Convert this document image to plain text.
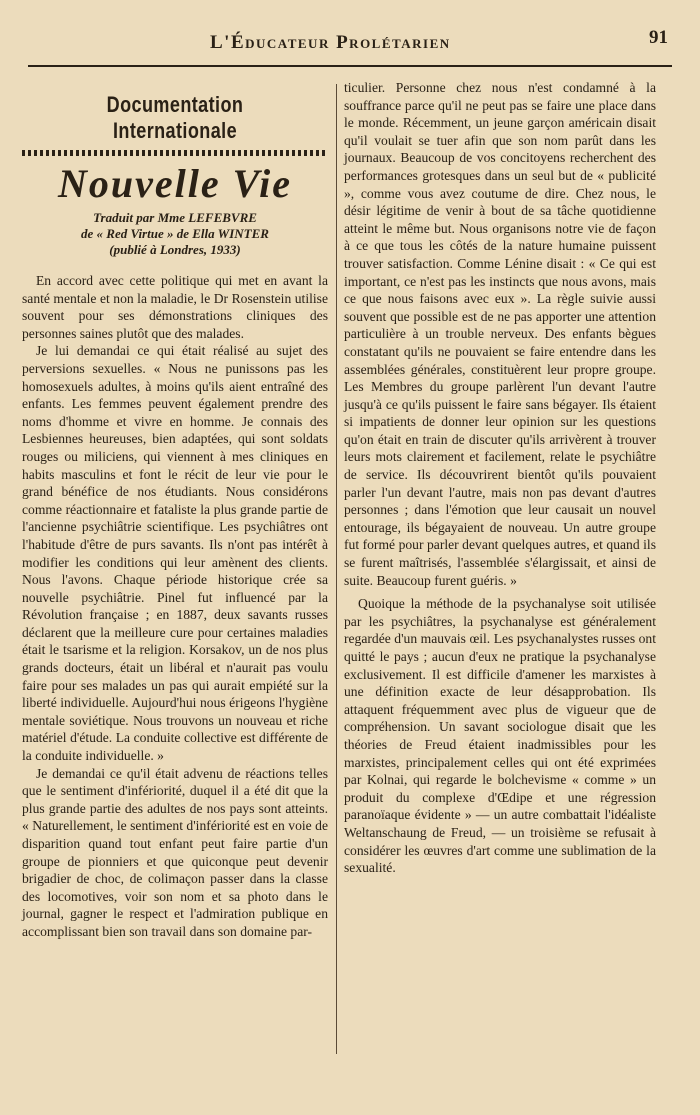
L'Éducateur Prolétarien	91
Documentation Internationale
Nouvelle Vie
Traduit par Mme LEFEBVRE
de « Red Virtue » de Ella WINTER
(publié à Londres, 1933)

En accord avec cette politique qui met en avant la santé mentale et non la maladie, le Dr Rosenstein utilise souvent pour ses démonstrations cliniques des personnes saines plutôt que des malades.

Je lui demandai ce qui était réalisé au sujet des perversions sexuelles. « Nous ne punissons pas les homosexuels adultes, à moins qu'ils aient entraîné des enfants. Les femmes peuvent également prendre des noms d'homme et vivre en homme. Je connais des Lesbiennes heureuses, bien adaptées, qui sont soldats rouges ou miliciens, qui viennent à mes cliniques en habits masculins et font le récit de leur vie pour le grand bénéfice de nos étudiants. Nous considérons comme réactionnaire et fataliste la plus grande partie de l'ancienne psychiâtrie scientifique. Les psychiâtres ont l'habitude d'être de purs savants. Ils n'ont pas intérêt à modifier les conditions qui leur amènent des clients. Nous l'avons. Chaque période historique crée sa nouvelle psychiâtrie. Pinel fut influencé par la Révolution française ; en 1887, deux savants russes déclarent que la meilleure cure pour certaines maladies était le tsarisme et la religion. Korsakov, un de nos plus grands docteurs, était un libéral et n'aurait pas voulu faire pour ses malades un pas qui aurait empiété sur la liberté individuelle. Aujourd'hui nous érigeons l'hygiène mentale soviétique. Nous trouvons un nouveau et riche matériel d'étude. La conduite collective est différente de la conduite individuelle. »

Je demandai ce qu'il était advenu de réactions telles que le sentiment d'infériorité, duquel il a été dit que la plus grande partie des adultes de nos pays sont atteints. « Naturellement, le sentiment d'infériorité est en voie de disparition quand tout enfant peut faire partie d'un groupe de pionniers et que quiconque peut devenir brigadier de choc, de colimaçon passer dans la classe des locomotives, voir son nom et sa photo dans le journal, gagner le respect et l'admiration publique en accomplissant bien son travail dans son domaine par-

ticulier. Personne chez nous n'est condamné à la souffrance parce qu'il ne peut pas se faire une place dans le monde. Récemment, un jeune garçon américain disait qu'il voulait se tuer afin que son nom parût dans les journaux. Beaucoup de vos concitoyens recherchent des performances grotesques dans un seul but de « publicité », comme vous avez coutume de dire. Chez nous, le désir légitime de venir à bout de sa tâche quotidienne atteint le même but. Nous organisons notre vie de façon à ce que tous les côtés de la nature humaine puissent trouver satisfaction. Comme Lénine disait : « Ce qui est important, ce n'est pas les instincts que nous avons, mais ce que nous faisons avec eux ». La règle suivie aussi souvent que possible est de ne pas apporter une attention particulière à un trouble nerveux. Des enfants bègues constatant qu'ils ne pouvaient se faire entendre dans les assemblées générales, constituèrent leur propre groupe. Les Membres du groupe parlèrent l'un devant l'autre jusqu'à ce qu'ils puissent le faire sans bégayer. Ils étaient si impatients de donner leur opinion sur les questions qu'on était en train de discuter qu'ils arrivèrent à trouver leurs mots clairement et facilement, relate le psychiâtre de service. Ils découvrirent bientôt qu'ils pouvaient parler l'un devant l'autre, mais non pas devant d'autres personnes ; dans l'émotion que leur causait un nouvel entourage, ils bégayaient de nouveau. Un autre groupe fut formé pour parler devant quelques autres, et quand ils se furent maîtrisés, l'assemblée s'élargissait, et ainsi de suite. Beaucoup furent guéris. »

Quoique la méthode de la psychanalyse soit utilisée par les psychiâtres, la psychanalyse est généralement regardée d'un mauvais œil. Les psychanalystes russes ont quitté le pays ; aucun d'eux ne pratique la psychanalyse exclusivement. Il est difficile d'amener les marxistes à une définition exacte de leur désapprobation. Ils attaquent fréquemment avec plus de vigueur que de compréhension. Un savant sociologue disait que les théories de Freud étaient inadmissibles pour les marxistes, principalement celles qui ont été exprimées par Kolnai, qui regarde le bolchevisme « comme » un produit du complexe d'Œdipe et une régression paranoïaque évidente » — un autre combattait l'idéaliste Weltanschaung de Freud, — un troisième se refusait à considérer les œuvres d'art comme une sublimation de la sexualité.
